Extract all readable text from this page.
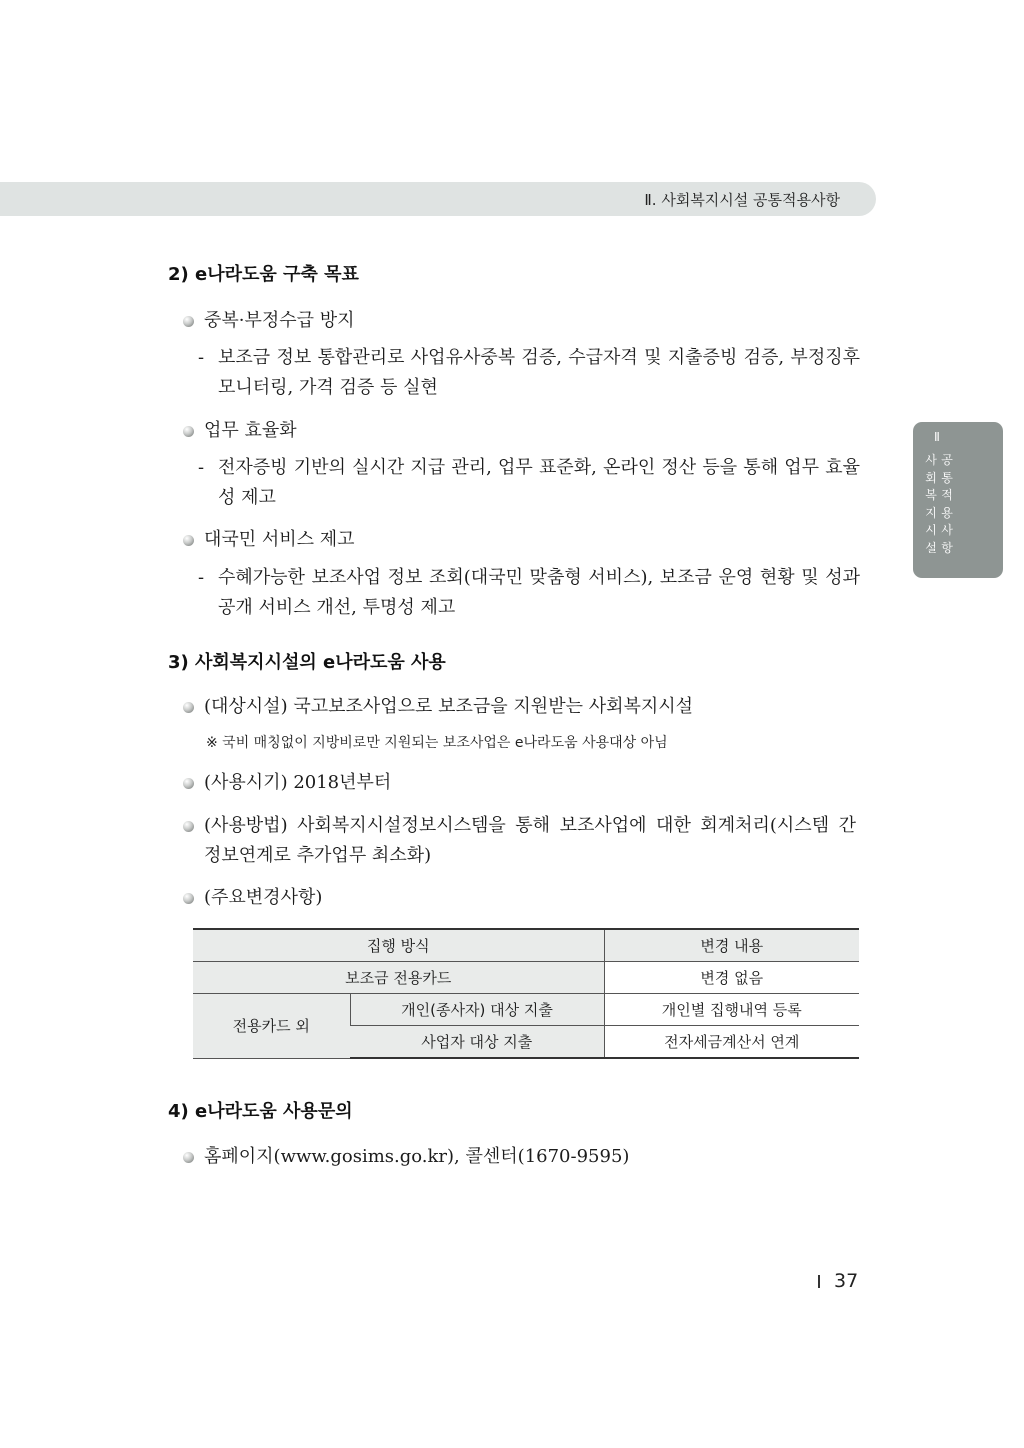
Ⅱ. 사회복지시설 공통적용사항
Ⅱ
사
회
복
지
시
설
공
통
적
용
사
항
2) e나라도움 구축 목표
중복·부정수급 방지
- 보조금 정보 통합관리로 사업유사중복 검증, 수급자격 및 지출증빙 검증, 부정징후 모니터링, 가격 검증 등 실현
업무 효율화
- 전자증빙 기반의 실시간 지급 관리, 업무 표준화, 온라인 정산 등을 통해 업무 효율성 제고
대국민 서비스 제고
- 수혜가능한 보조사업 정보 조회(대국민 맞춤형 서비스), 보조금 운영 현황 및 성과 공개 서비스 개선, 투명성 제고
3) 사회복지시설의 e나라도움 사용
(대상시설) 국고보조사업으로 보조금을 지원받는 사회복지시설
※ 국비 매칭없이 지방비로만 지원되는 보조사업은 e나라도움 사용대상 아님
(사용시기) 2018년부터
(사용방법) 사회복지시설정보시스템을 통해 보조사업에 대한 회계처리(시스템 간 정보연계로 추가업무 최소화)
(주요변경사항)
집행 방식		변경 내용
보조금 전용카드		변경 없음
전용카드 외	개인(종사자) 대상 지출	개인별 집행내역 등록
	사업자 대상 지출	전자세금계산서 연계
4) e나라도움 사용문의
홈페이지(www.gosims.go.kr), 콜센터(1670-9595)
37
